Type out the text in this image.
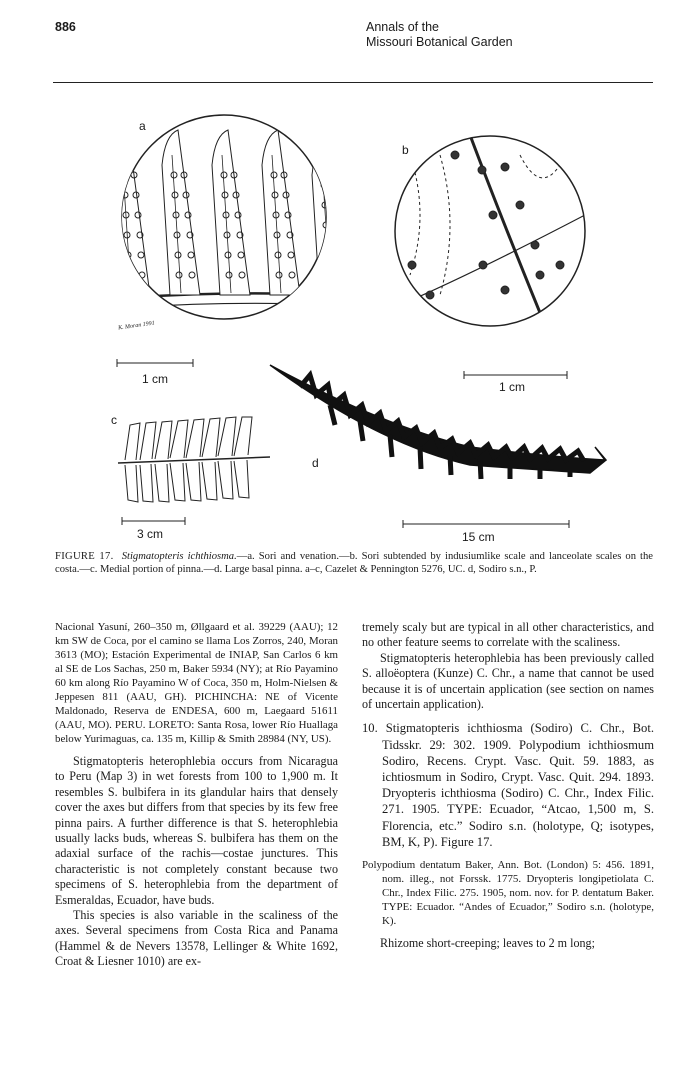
886	Annals of the
Missouri Botanical Garden
a
b
c
d
1 cm
1 cm
3 cm	15 cm
K. Moran 1991
FIGURE 17. Stigmatopteris ichthiosma.—a. Sori and venation.—b. Sori subtended by indusiumlike scale and lanceolate scales on the costa.—c. Medial portion of pinna.—d. Large basal pinna. a–c, Cazelet & Pennington 5276, UC. d, Sodiro s.n., P.

Nacional Yasuní, 260–350 m, Øllgaard et al. 39229 (AAU); 12 km SW de Coca, por el camino se llama Los Zorros, 240, Moran 3613 (MO); Estación Experimental de INIAP, San Carlos 6 km al SE de Los Sachas, 250 m, Baker 5934 (NY); at Río Payamino 60 km along Río Payamino W of Coca, 350 m, Holm-Nielsen & Jeppesen 811 (AAU, GH). PICHINCHA: NE of Vicente Maldonado, Reserva de ENDESA, 600 m, Laegaard 51611 (AAU, MO). PERU. LORETO: Santa Rosa, lower Río Huallaga below Yurimaguas, ca. 135 m, Killip & Smith 28984 (NY, US).

Stigmatopteris heterophlebia occurs from Nicaragua to Peru (Map 3) in wet forests from 100 to 1,900 m. It resembles S. bulbifera in its glandular hairs that densely cover the axes but differs from that species by its few free pinna pairs. A further difference is that S. heterophlebia usually lacks buds, whereas S. bulbifera has them on the adaxial surface of the rachis—costae junctures. This characteristic is not completely constant because two specimens of S. heterophlebia from the department of Esmeraldas, Ecuador, have buds.

This species is also variable in the scaliness of the axes. Several specimens from Costa Rica and Panama (Hammel & de Nevers 13578, Lellinger & White 1692, Croat & Liesner 1010) are ex-

tremely scaly but are typical in all other characteristics, and no other feature seems to correlate with the scaliness.

Stigmatopteris heterophlebia has been previously called S. alloëoptera (Kunze) C. Chr., a name that cannot be used because it is of uncertain application (see section on names of uncertain application).

10. Stigmatopteris ichthiosma (Sodiro) C. Chr., Bot. Tidsskr. 29: 302. 1909. Polypodium ichthiosmum Sodiro, Recens. Crypt. Vasc. Quit. 59. 1883, as ichtiosmum in Sodiro, Crypt. Vasc. Quit. 294. 1893. Dryopteris ichthiosma (Sodiro) C. Chr., Index Filic. 271. 1905. TYPE: Ecuador, “Atcao, 1,500 m, S. Florencia, etc.” Sodiro s.n. (holotype, Q; isotypes, BM, K, P). Figure 17.

Polypodium dentatum Baker, Ann. Bot. (London) 5: 456. 1891, nom. illeg., not Forssk. 1775. Dryopteris longipetiolata C. Chr., Index Filic. 275. 1905, nom. nov. for P. dentatum Baker. TYPE: Ecuador. “Andes of Ecuador,” Sodiro s.n. (holotype, K).

Rhizome short-creeping; leaves to 2 m long;
